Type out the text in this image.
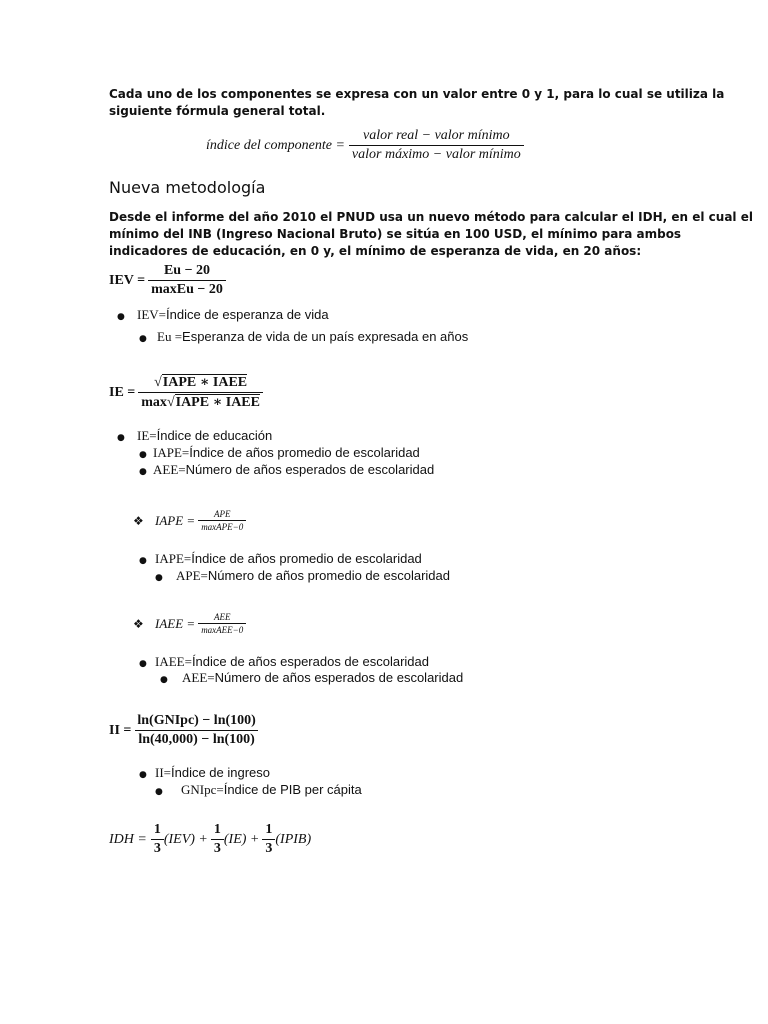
Cada uno de los componentes se expresa con un valor entre 0 y 1, para lo cual se utiliza la
siguiente fórmula general total.
índice del componente = $\frac{\text{valor real − valor mínimo}}{\text{valor máximo − valor mínimo}}$
Nueva metodología
Desde el informe del año 2010 el PNUD usa un nuevo método para calcular el IDH, en el cual el
mínimo del INB (Ingreso Nacional Bruto) se sitúa en 100 USD, el mínimo para ambos
indicadores de educación, en 0 y, el mínimo de esperanza de vida, en 20 años:
IEV = $\frac{Eu - 20}{\text{maxEu − 20}}$
● IEV= Índice de esperanza de vida
● Eu = Esperanza de vida de un país expresada en años
IE = $\frac{\text{√IAPE ∗ IAEE}}{\text{max√IAPE ∗ IAEE}}$
● IE= Índice de educación
● IAPE= Índice de años promedio de escolaridad
● AEE= Número de años esperados de escolaridad
❖ IAPE = $\frac{\text{APE}}{\text{maxAPE−0}}$
● IAPE= Índice de años promedio de escolaridad
●	APE= Número de años promedio de escolaridad
❖ IAEE = $\frac{\text{AEE}}{\text{maxAEE−0}}$
● IAEE= Índice de años esperados de escolaridad
●	AEE= Número de años esperados de escolaridad
II = $\frac{\text{ln(GNIpc) − ln(100)}}{\ln(40,000) - \ln(100)}$
● II= Índice de ingreso
●	GNIpc= Índice de PIB per cápita
IDH = $\frac{1}{3} (IEV) + \frac{1}{3} (IE) + \frac{1}{3}$ (IPIB)
